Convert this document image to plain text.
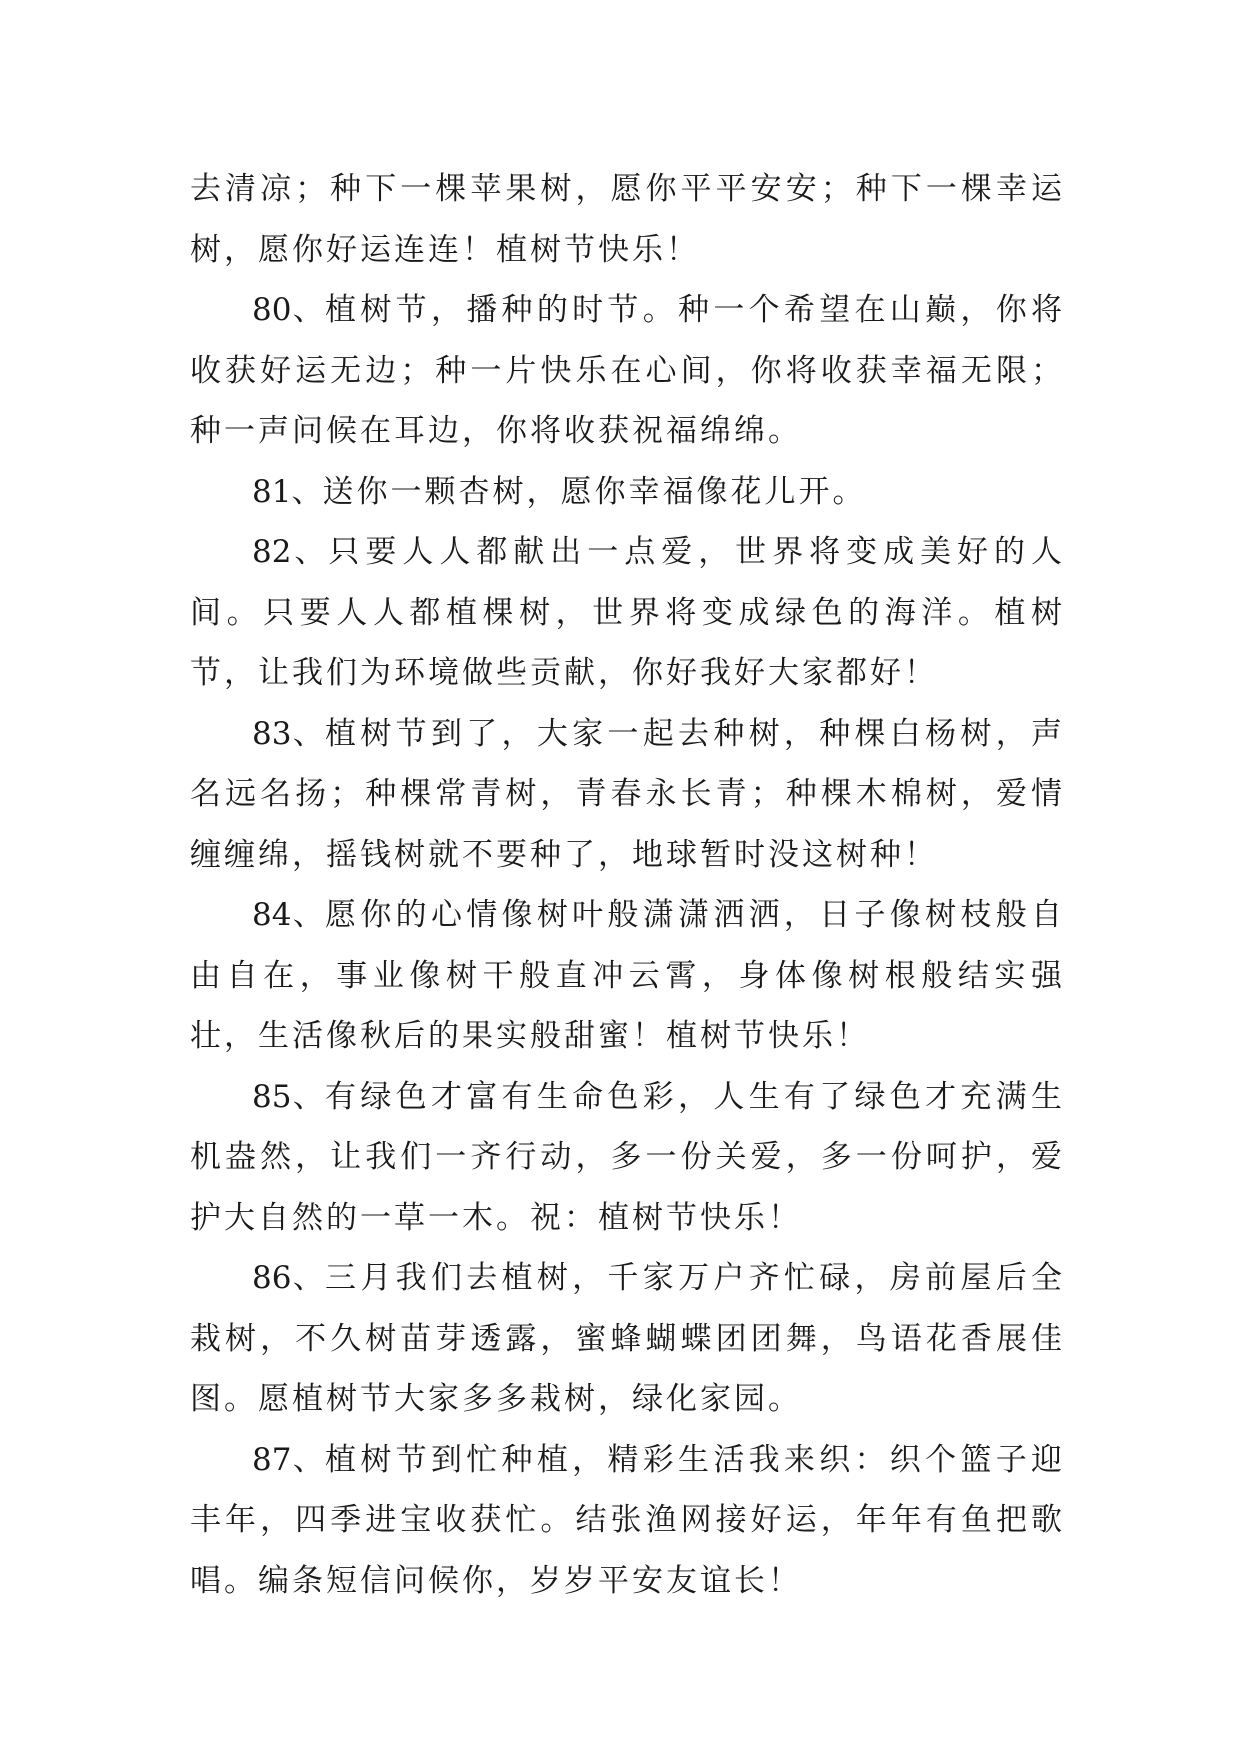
去清凉；种下一棵苹果树，愿你平平安安；种下一棵幸运树，愿你好运连连！植树节快乐！

80、植树节，播种的时节。种一个希望在山巅，你将收获好运无边；种一片快乐在心间，你将收获幸福无限；种一声问候在耳边，你将收获祝福绵绵。

81、送你一颗杏树，愿你幸福像花儿开。

82、只要人人都献出一点爱，世界将变成美好的人间。只要人人都植棵树，世界将变成绿色的海洋。植树节，让我们为环境做些贡献，你好我好大家都好！

83、植树节到了，大家一起去种树，种棵白杨树，声名远名扬；种棵常青树，青春永长青；种棵木棉树，爱情缠缠绵，摇钱树就不要种了，地球暂时没这树种！

84、愿你的心情像树叶般潇潇洒洒，日子像树枝般自由自在，事业像树干般直冲云霄，身体像树根般结实强壮，生活像秋后的果实般甜蜜！植树节快乐！

85、有绿色才富有生命色彩，人生有了绿色才充满生机盎然，让我们一齐行动，多一份关爱，多一份呵护，爱护大自然的一草一木。祝：植树节快乐！

86、三月我们去植树，千家万户齐忙碌，房前屋后全栽树，不久树苗芽透露，蜜蜂蝴蝶团团舞，鸟语花香展佳图。愿植树节大家多多栽树，绿化家园。

87、植树节到忙种植，精彩生活我来织：织个篮子迎丰年，四季进宝收获忙。结张渔网接好运，年年有鱼把歌唱。编条短信问候你，岁岁平安友谊长！
